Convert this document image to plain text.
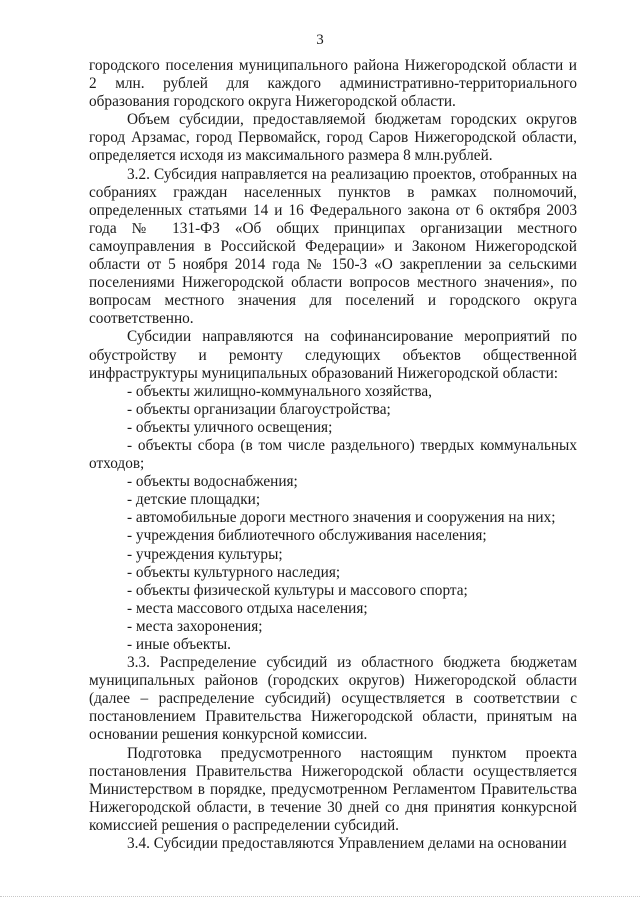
3

городского поселения муниципального района Нижегородской области и 2 млн. рублей для каждого административно-территориального образования городского округа Нижегородской области.

Объем субсидии, предоставляемой бюджетам городских округов город Арзамас, город Первомайск, город Саров Нижегородской области, определяется исходя из максимального размера 8 млн.рублей.

3.2. Субсидия направляется на реализацию проектов, отобранных на собраниях граждан населенных пунктов в рамках полномочий, определенных статьями 14 и 16 Федерального закона от 6 октября 2003 года № 131-ФЗ «Об общих принципах организации местного самоуправления в Российской Федерации» и Законом Нижегородской области от 5 ноября 2014 года № 150-З «О закреплении за сельскими поселениями Нижегородской области вопросов местного значения», по вопросам местного значения для поселений и городского округа соответственно.

Субсидии направляются на софинансирование мероприятий по обустройству и ремонту следующих объектов общественной инфраструктуры муниципальных образований Нижегородской области:

- объекты жилищно-коммунального хозяйства,
- объекты организации благоустройства;
- объекты уличного освещения;
- объекты сбора (в том числе раздельного) твердых коммунальных отходов;
- объекты водоснабжения;
- детские площадки;
- автомобильные дороги местного значения и сооружения на них;
- учреждения библиотечного обслуживания населения;
- учреждения культуры;
- объекты культурного наследия;
- объекты физической культуры и массового спорта;
- места массового отдыха населения;
- места захоронения;
- иные объекты.

3.3. Распределение субсидий из областного бюджета бюджетам муниципальных районов (городских округов) Нижегородской области (далее – распределение субсидий) осуществляется в соответствии с постановлением Правительства Нижегородской области, принятым на основании решения конкурсной комиссии.

Подготовка предусмотренного настоящим пунктом проекта постановления Правительства Нижегородской области осуществляется Министерством в порядке, предусмотренном Регламентом Правительства Нижегородской области, в течение 30 дней со дня принятия конкурсной комиссией решения о распределении субсидий.

3.4. Субсидии предоставляются Управлением делами на основании
